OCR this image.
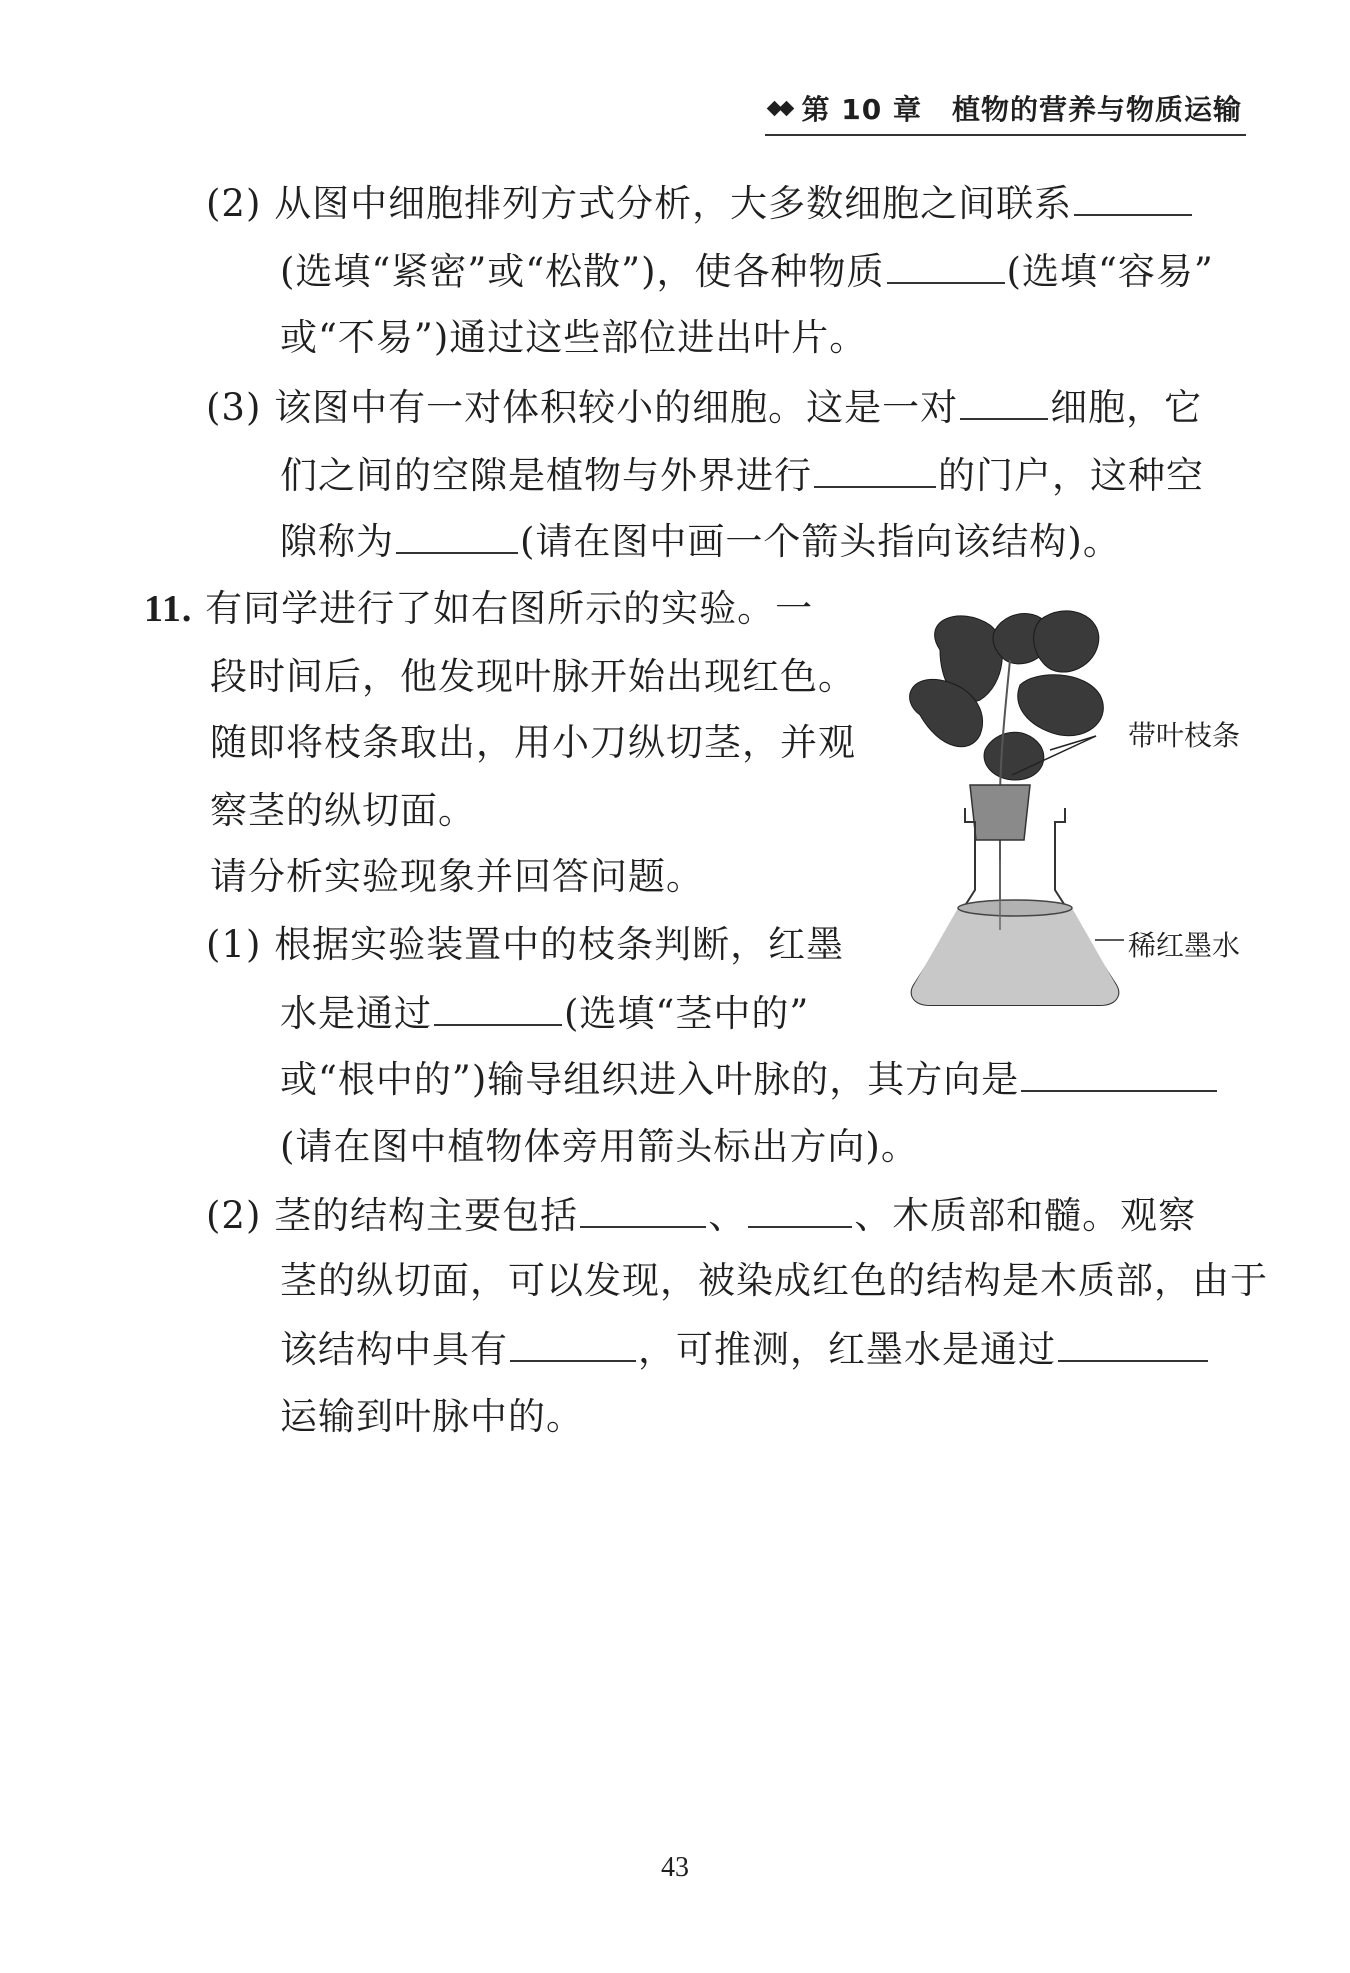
第 10 章 植物的营养与物质运输
(2) 从图中细胞排列方式分析，大多数细胞之间联系
(选填“紧密”或“松散”)，使各种物质	(选填“容易”
或“不易”)通过这些部位进出叶片。
(3) 该图中有一对体积较小的细胞。这是一对 细胞，它
们之间的空隙是植物与外界进行	的门户，这种空
隙称为	(请在图中画一个箭头指向该结构)。
11. 有同学进行了如右图所示的实验。一
段时间后，他发现叶脉开始出现红色。
随即将枝条取出，用小刀纵切茎，并观
察茎的纵切面。
请分析实验现象并回答问题。
(1) 根据实验装置中的枝条判断，红墨
水是通过	(选填“茎中的”
或“根中的”)输导组织进入叶脉的，其方向是
(请在图中植物体旁用箭头标出方向)。
(2) 茎的结构主要包括	、	、木质部和髓。观察
茎的纵切面，可以发现，被染成红色的结构是木质部，由于
该结构中具有	，可推测，红墨水是通过
运输到叶脉中的。
带叶枝条
稀红墨水
43
